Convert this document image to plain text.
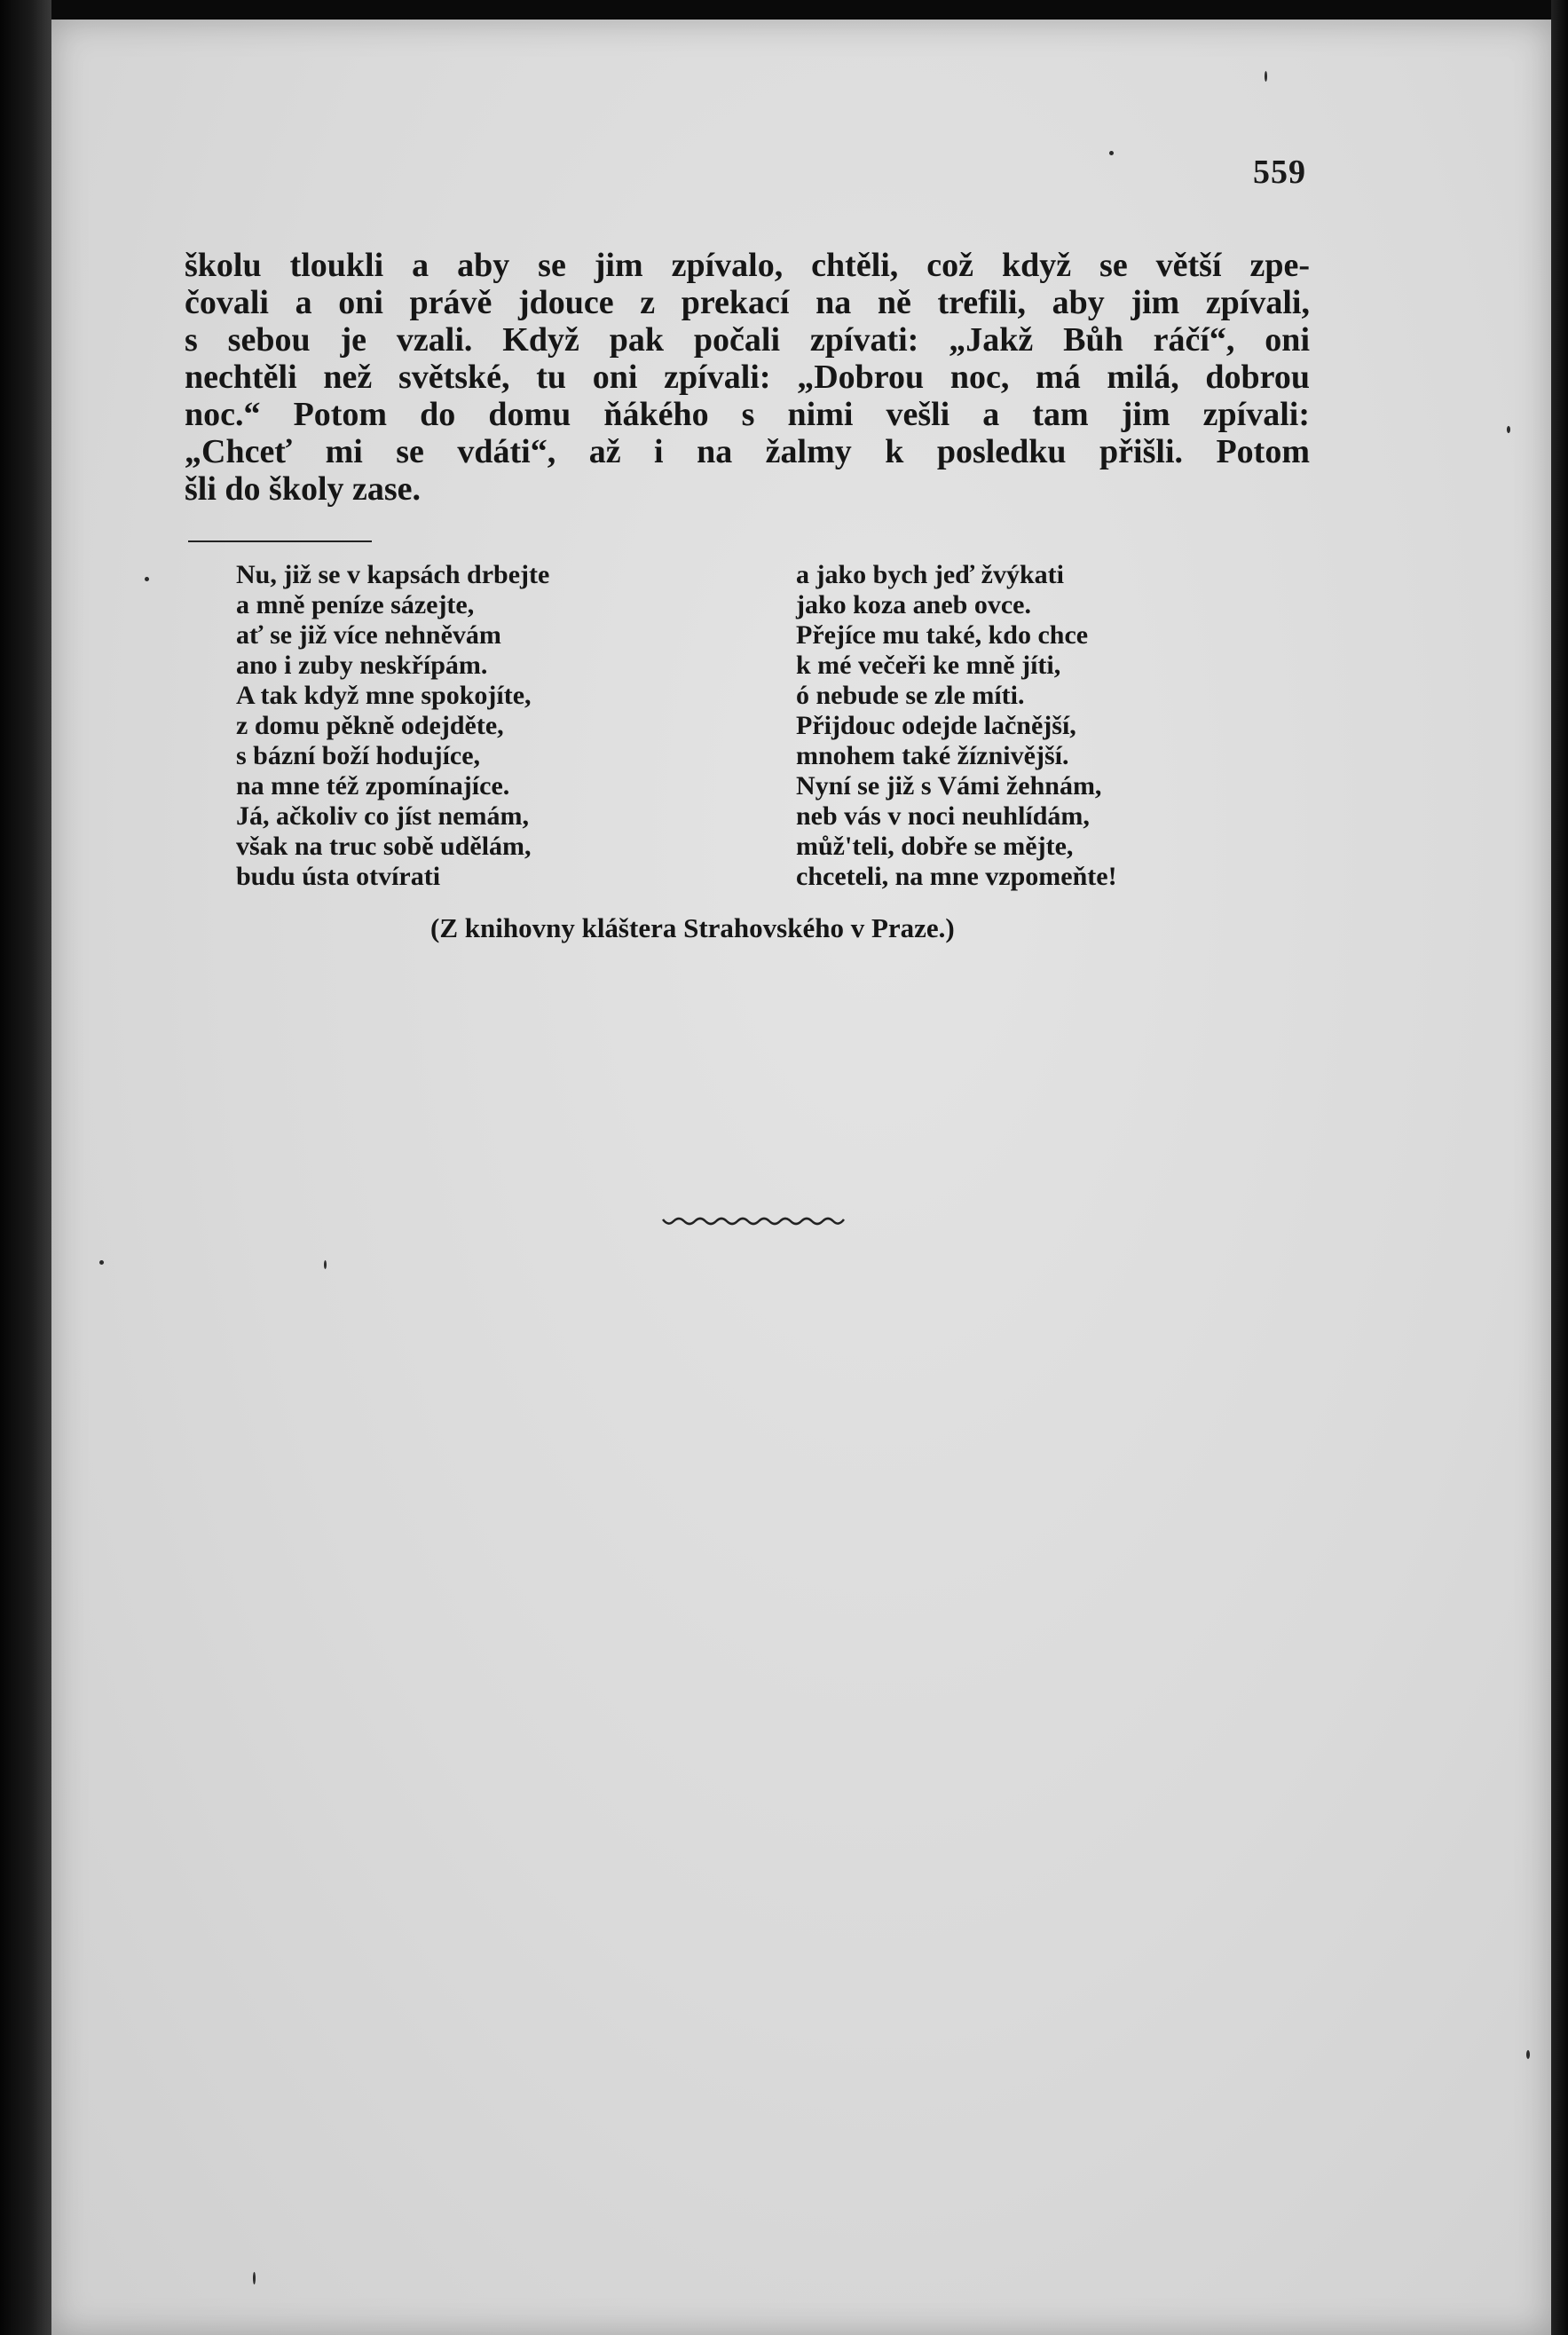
559

školu tloukli a aby se jim zpívalo, chtěli, což když se větší zpe-
čovali a oni právě jdouce z prekací na ně trefili, aby jim zpívali,
s sebou je vzali. Když pak počali zpívati: „Jakž Bůh ráčí“, oni
nechtěli než světské, tu oni zpívali: „Dobrou noc, má milá, dobrou
noc.“ Potom do domu ňákého s nimi vešli a tam jim zpívali:
„Chceť mi se vdáti“, až i na žalmy k posledku přišli. Potom
šli do školy zase.

Nu, již se v kapsách drbejte
a mně peníze sázejte,
ať se již více nehněvám
ano i zuby neskřípám.
A tak když mne spokojíte,
z domu pěkně odejděte,
s bázní boží hodujíce,
na mne též zpomínajíce.
Já, ačkoliv co jíst nemám,
však na truc sobě udělám,
budu ústa otvírati
a jako bych jeď žvýkati
jako koza aneb ovce.
Přejíce mu také, kdo chce
k mé večeři ke mně jíti,
ó nebude se zle míti.
Přijdouc odejde lačnější,
mnohem také žíznivější.
Nyní se již s Vámi žehnám,
neb vás v noci neuhlídám,
můž'teli, dobře se mějte,
chceteli, na mne vzpomeňte!
(Z knihovny kláštera Strahovského v Praze.)
